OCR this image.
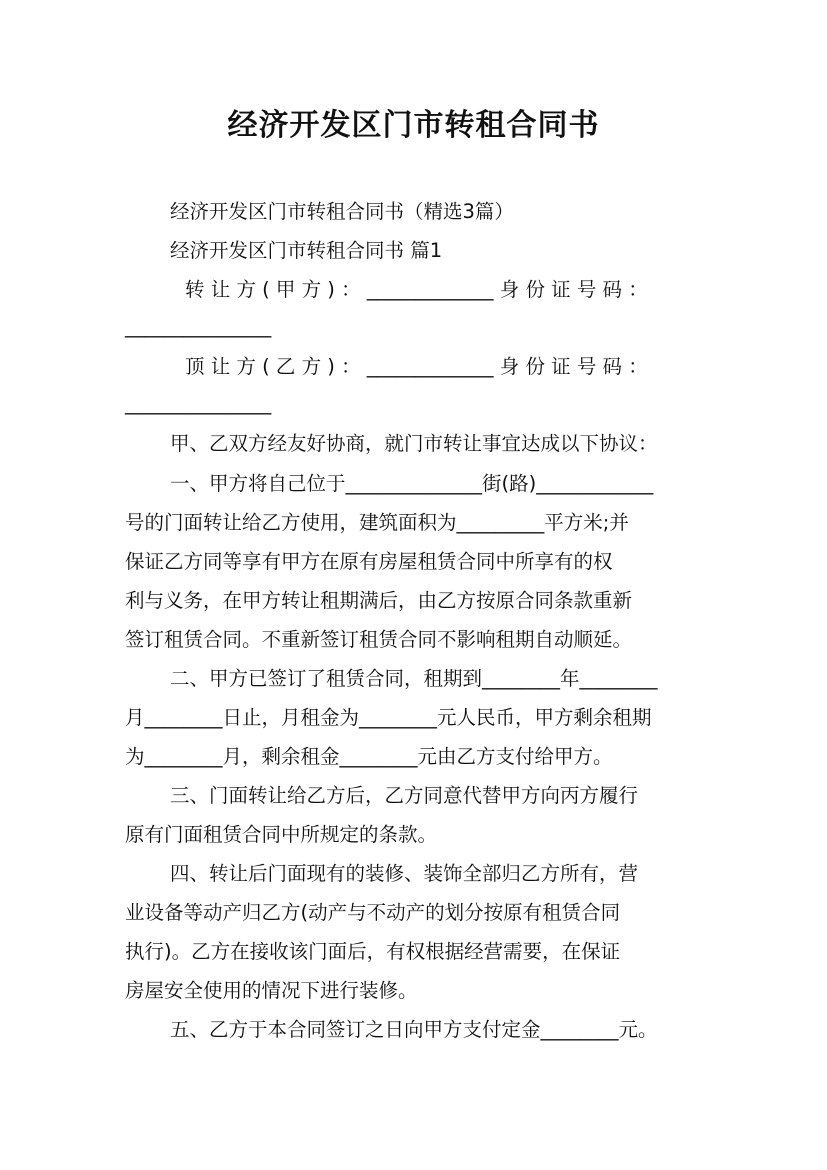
经济开发区门市转租合同书
经济开发区门市转租合同书（精选3篇）
经济开发区门市转租合同书 篇1
转 让 方 ( 甲 方 ) ： _____________ 身 份 证 号 码 ：
_______________
顶 让 方 ( 乙 方 ) ： _____________ 身 份 证 号 码 ：
_______________
甲、乙双方经友好协商，就门市转让事宜达成以下协议：
一、甲方将自己位于______________街(路)____________
号的门面转让给乙方使用，建筑面积为_________平方米;并
保证乙方同等享有甲方在原有房屋租赁合同中所享有的权
利与义务，在甲方转让租期满后，由乙方按原合同条款重新
签订租赁合同。不重新签订租赁合同不影响租期自动顺延。
二、甲方已签订了租赁合同，租期到________年________
月________日止，月租金为________元人民币，甲方剩余租期
为________月，剩余租金________元由乙方支付给甲方。
三、门面转让给乙方后，乙方同意代替甲方向丙方履行
原有门面租赁合同中所规定的条款。
四、转让后门面现有的装修、装饰全部归乙方所有，营
业设备等动产归乙方(动产与不动产的划分按原有租赁合同
执行)。乙方在接收该门面后，有权根据经营需要，在保证
房屋安全使用的情况下进行装修。
五、乙方于本合同签订之日向甲方支付定金________元。
